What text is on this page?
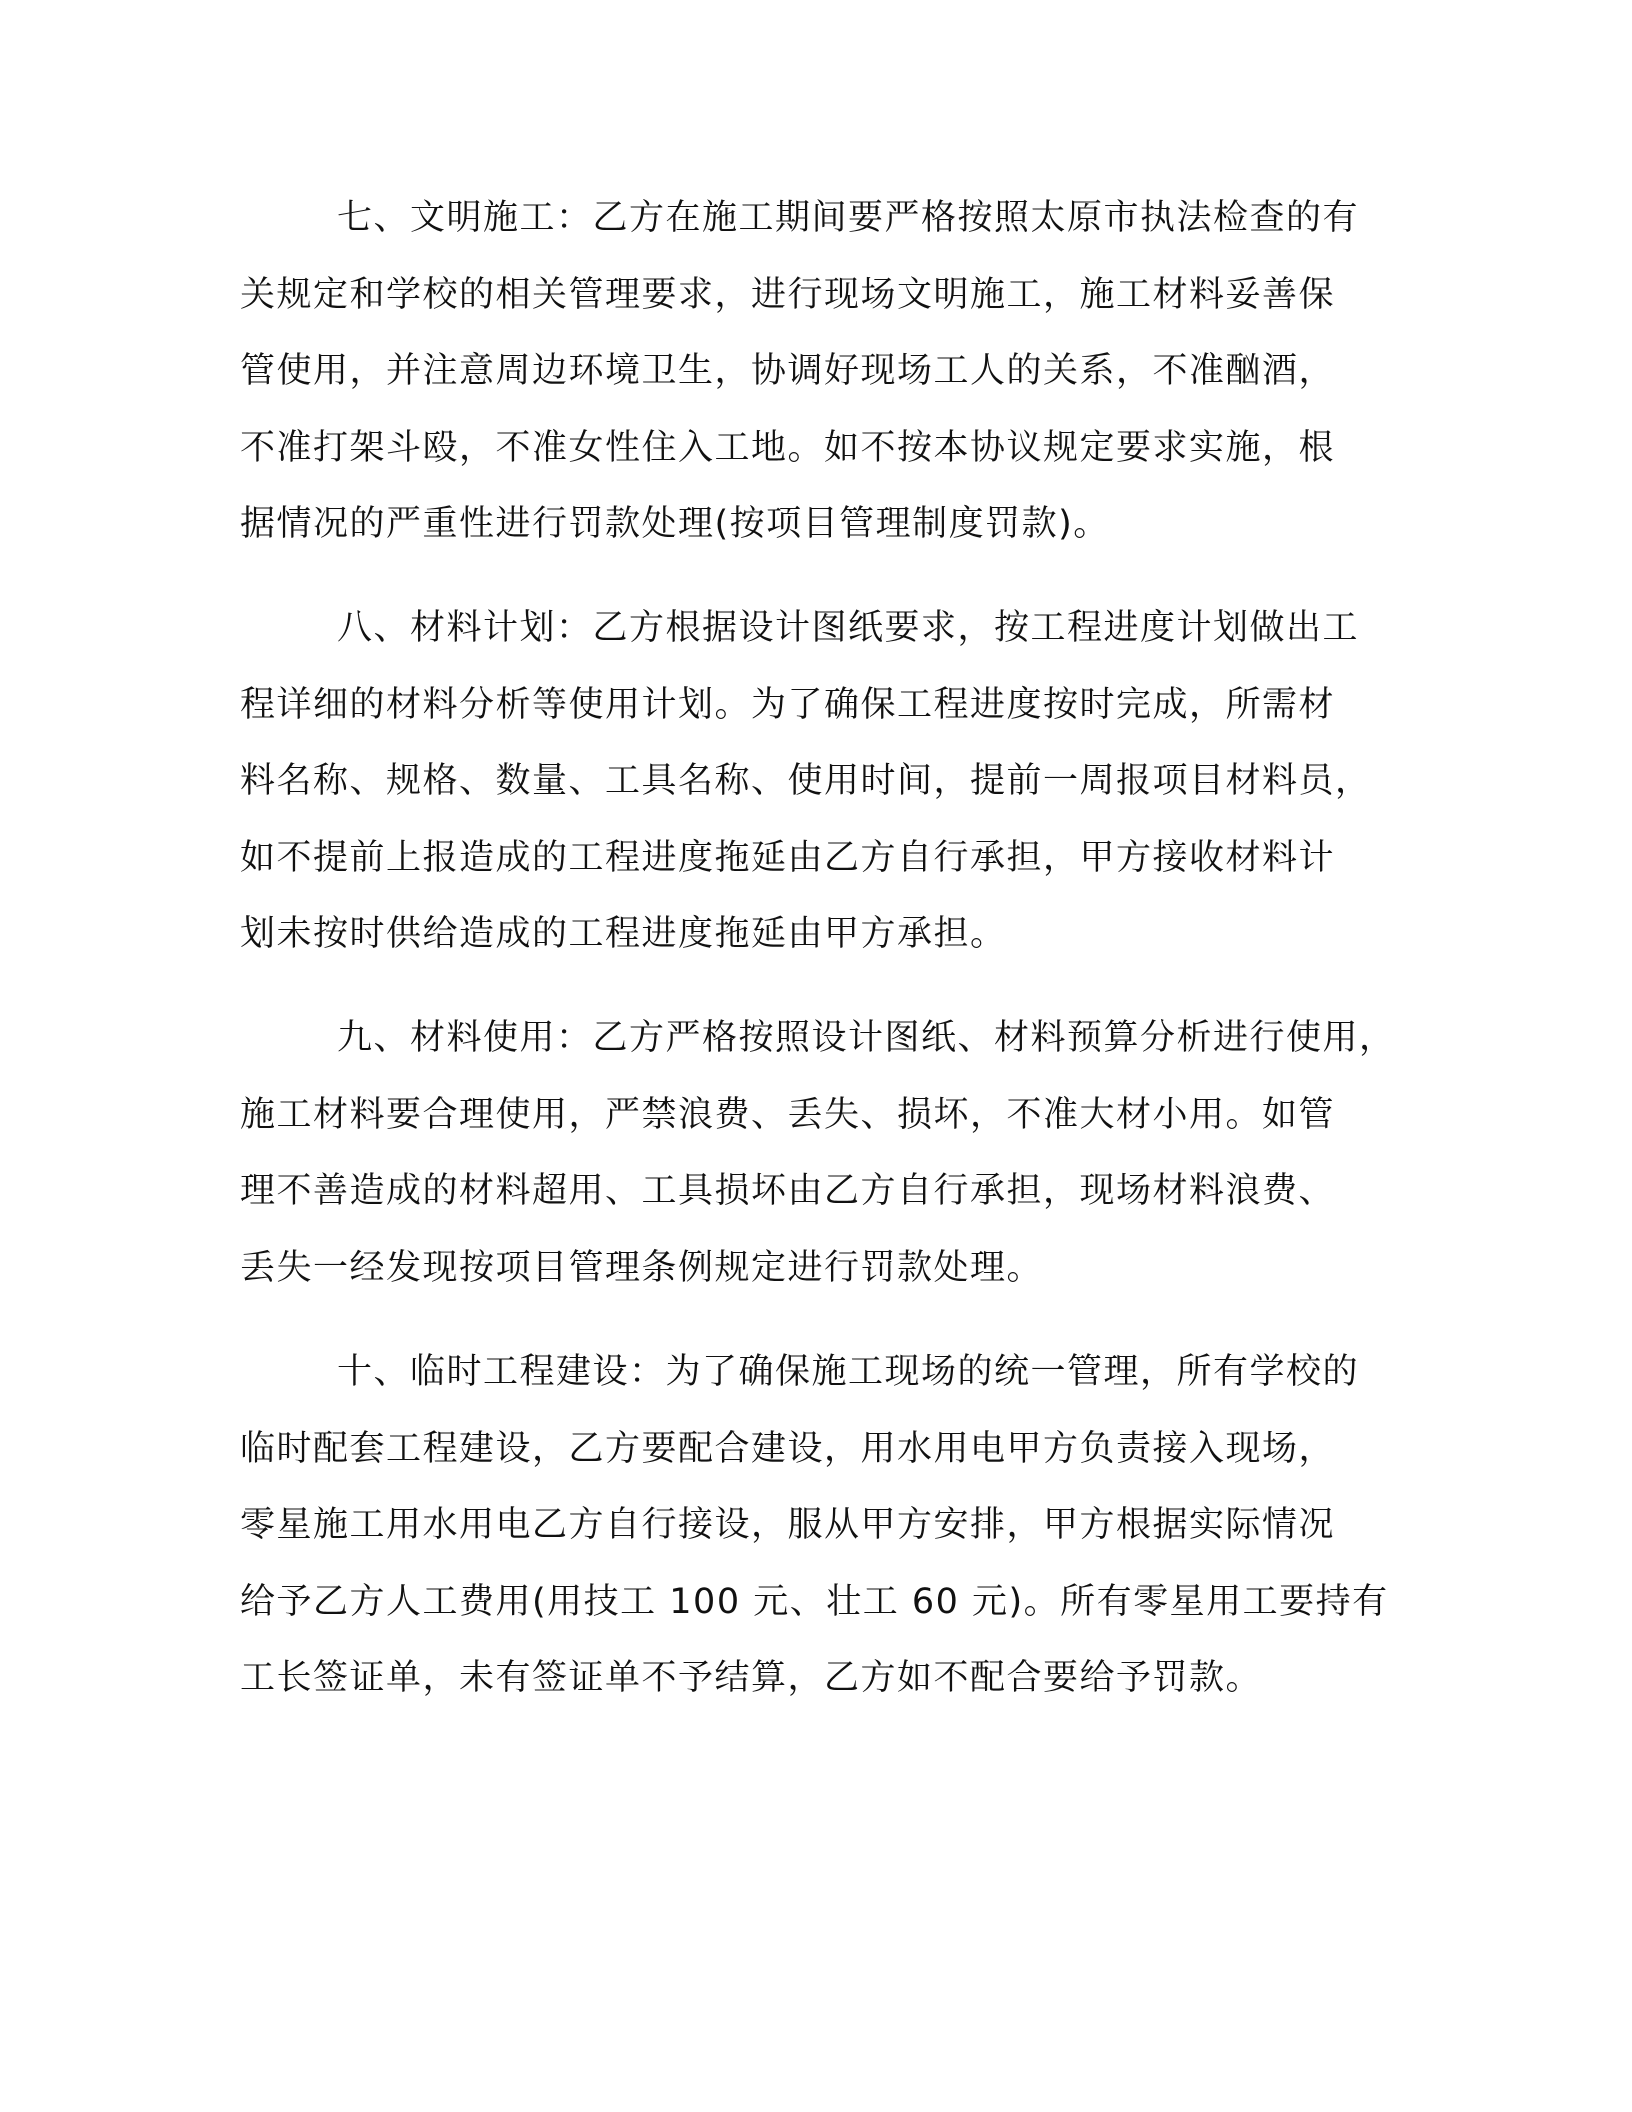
七、文明施工：乙方在施工期间要严格按照太原市执法检查的有
关规定和学校的相关管理要求，进行现场文明施工，施工材料妥善保
管使用，并注意周边环境卫生，协调好现场工人的关系，不准酗酒，
不准打架斗殴，不准女性住入工地。如不按本协议规定要求实施，根
据情况的严重性进行罚款处理(按项目管理制度罚款)。
八、材料计划：乙方根据设计图纸要求，按工程进度计划做出工
程详细的材料分析等使用计划。为了确保工程进度按时完成，所需材
料名称、规格、数量、工具名称、使用时间，提前一周报项目材料员，
如不提前上报造成的工程进度拖延由乙方自行承担，甲方接收材料计
划未按时供给造成的工程进度拖延由甲方承担。
九、材料使用：乙方严格按照设计图纸、材料预算分析进行使用，
施工材料要合理使用，严禁浪费、丢失、损坏，不准大材小用。如管
理不善造成的材料超用、工具损坏由乙方自行承担，现场材料浪费、
丢失一经发现按项目管理条例规定进行罚款处理。
十、临时工程建设：为了确保施工现场的统一管理，所有学校的
临时配套工程建设，乙方要配合建设，用水用电甲方负责接入现场，
零星施工用水用电乙方自行接设，服从甲方安排，甲方根据实际情况
给予乙方人工费用(用技工 100 元、壮工 60 元)。所有零星用工要持有
工长签证单，未有签证单不予结算，乙方如不配合要给予罚款。
